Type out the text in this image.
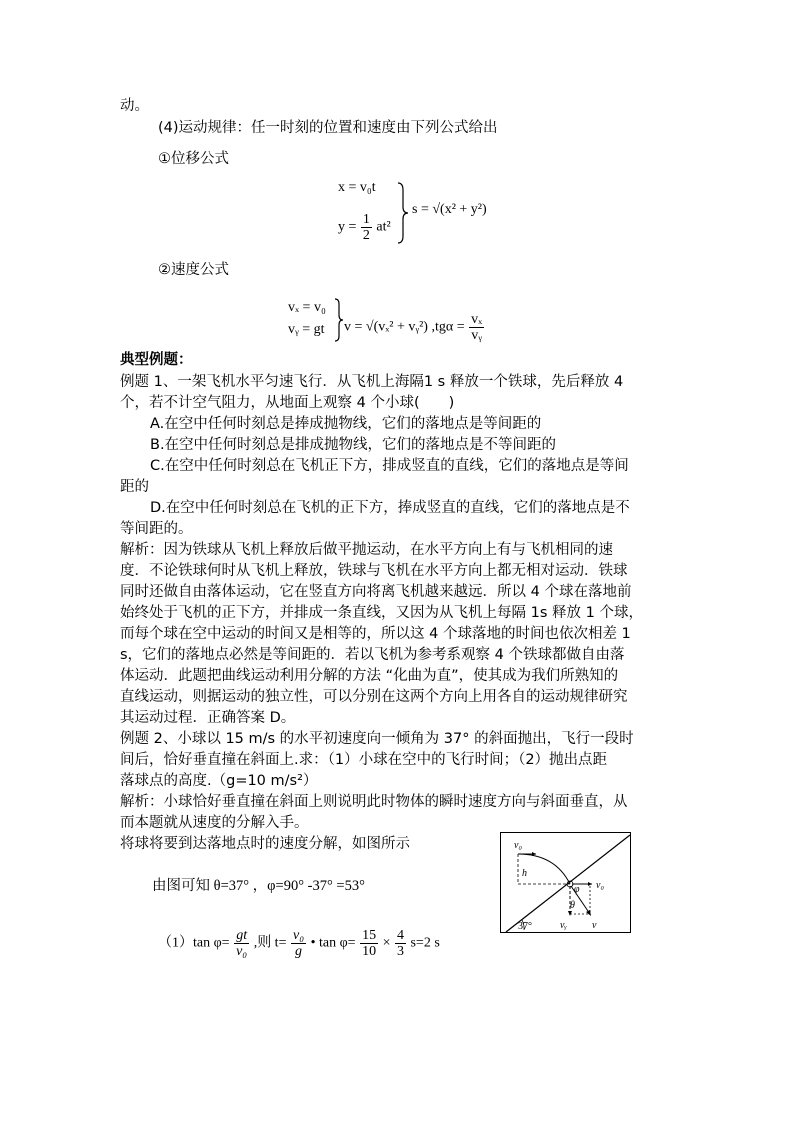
动。
(4)运动规律：任一时刻的位置和速度由下列公式给出
①位移公式
x = v₀t
$y = \frac{1}{2} at^2$
s = √(x² + y²)
②速度公式
vₓ = v₀
vᵧ = gt v = √(vₓ² + vᵧ²) $,tg\alpha = \frac{\text{vₓ}}{\text{vᵧ}}$
典型例题：
例题 1、一架飞机水平匀速飞行．从飞机上海隔1 s 释放一个铁球，先后释放 4
个，若不计空气阻力，从地面上观察 4 个小球(　　)
A.在空中任何时刻总是捧成抛物线，它们的落地点是等间距的
B.在空中任何时刻总是排成抛物线，它们的落地点是不等间距的
C.在空中任何时刻总在飞机正下方，排成竖直的直线，它们的落地点是等间
距的
D.在空中任何时刻总在飞机的正下方，捧成竖直的直线，它们的落地点是不
等间距的。
解析：因为铁球从飞机上释放后做平抛运动，在水平方向上有与飞机相同的速
度．不论铁球何时从飞机上释放，铁球与飞机在水平方向上都无相对运动．铁球
同时还做自由落体运动，它在竖直方向将离飞机越来越远．所以 4 个球在落地前
始终处于飞机的正下方，并排成一条直线，又因为从飞机上每隔 1s 释放 1 个球，
而每个球在空中运动的时间又是相等的，所以这 4 个球落地的时间也依次相差 1
s，它们的落地点必然是等间距的．若以飞机为参考系观察 4 个铁球都做自由落
体运动．此题把曲线运动利用分解的方法 “化曲为直”，使其成为我们所熟知的
直线运动，则据运动的独立性，可以分别在这两个方向上用各自的运动规律研究
其运动过程．正确答案 D。
例题 2、小球以 15 m/s 的水平初速度向一倾角为 37° 的斜面抛出，飞行一段时
间后，恰好垂直撞在斜面上.求：（1）小球在空中的飞行时间；（2）抛出点距
落球点的高度.（g=10 m/s²）
解析：小球恰好垂直撞在斜面上则说明此时物体的瞬时速度方向与斜面垂直，从
而本题就从速度的分解入手。
将球将要到达落地点时的速度分解，如图所示
由图可知 θ=37° ，φ=90° -37° =53°
（1）tan $\varphi= \frac{gt}{\text{v₀}}$ ,则 $t= \frac{\text{v₀}}{g}$ • $\tan \varphi= \frac{15}{10} \times \frac{4}{3} s=2$ s
37°
v₀
h
v₀
φ
θ
vᵧ	v
